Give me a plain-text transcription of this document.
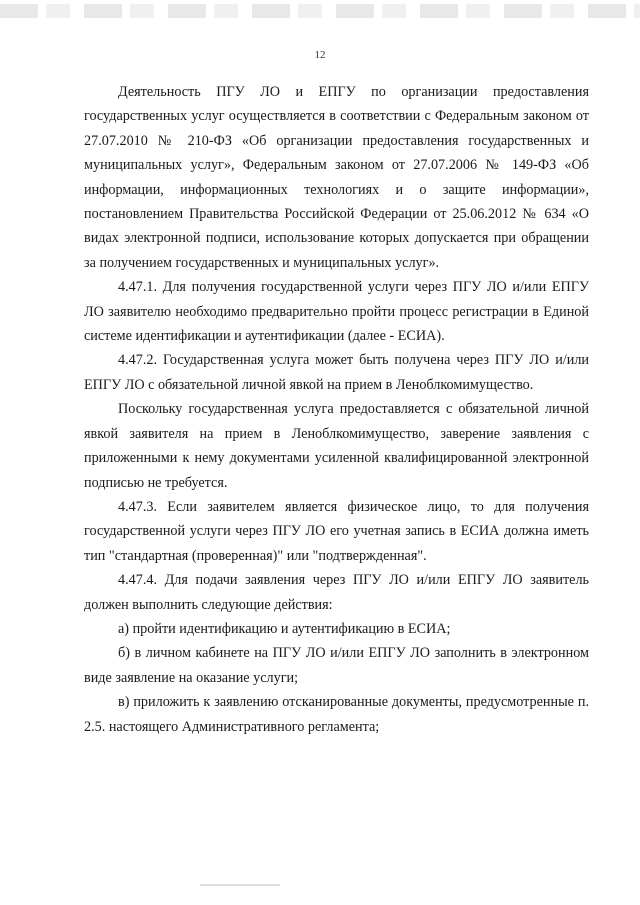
12

Деятельность ПГУ ЛО и ЕПГУ по организации предоставления государственных услуг осуществляется в соответствии с Федеральным законом от 27.07.2010 № 210-ФЗ «Об организации предоставления государственных и муниципальных услуг», Федеральным законом от 27.07.2006 № 149-ФЗ «Об информации, информационных технологиях и о защите информации», постановлением Правительства Российской Федерации от 25.06.2012 № 634 «О видах электронной подписи, использование которых допускается при обращении за получением государственных и муниципальных услуг».

4.47.1. Для получения государственной услуги через ПГУ ЛО и/или ЕПГУ ЛО заявителю необходимо предварительно пройти процесс регистрации в Единой системе идентификации и аутентификации (далее - ЕСИА).

4.47.2. Государственная услуга может быть получена через ПГУ ЛО и/или ЕПГУ ЛО с обязательной личной явкой на прием в Леноблкомимущество.

Поскольку государственная услуга предоставляется с обязательной личной явкой заявителя на прием в Леноблкомимущество, заверение заявления с приложенными к нему документами усиленной квалифицированной электронной подписью не требуется.

4.47.3. Если заявителем является физическое лицо, то для получения государственной услуги через ПГУ ЛО его учетная запись в ЕСИА должна иметь тип "стандартная (проверенная)" или "подтвержденная".

4.47.4. Для подачи заявления через ПГУ ЛО и/или ЕПГУ ЛО заявитель должен выполнить следующие действия:

а) пройти идентификацию и аутентификацию в ЕСИА;

б) в личном кабинете на ПГУ ЛО и/или ЕПГУ ЛО заполнить в электронном виде заявление на оказание услуги;

в) приложить к заявлению отсканированные документы, предусмотренные п. 2.5. настоящего Административного регламента;
